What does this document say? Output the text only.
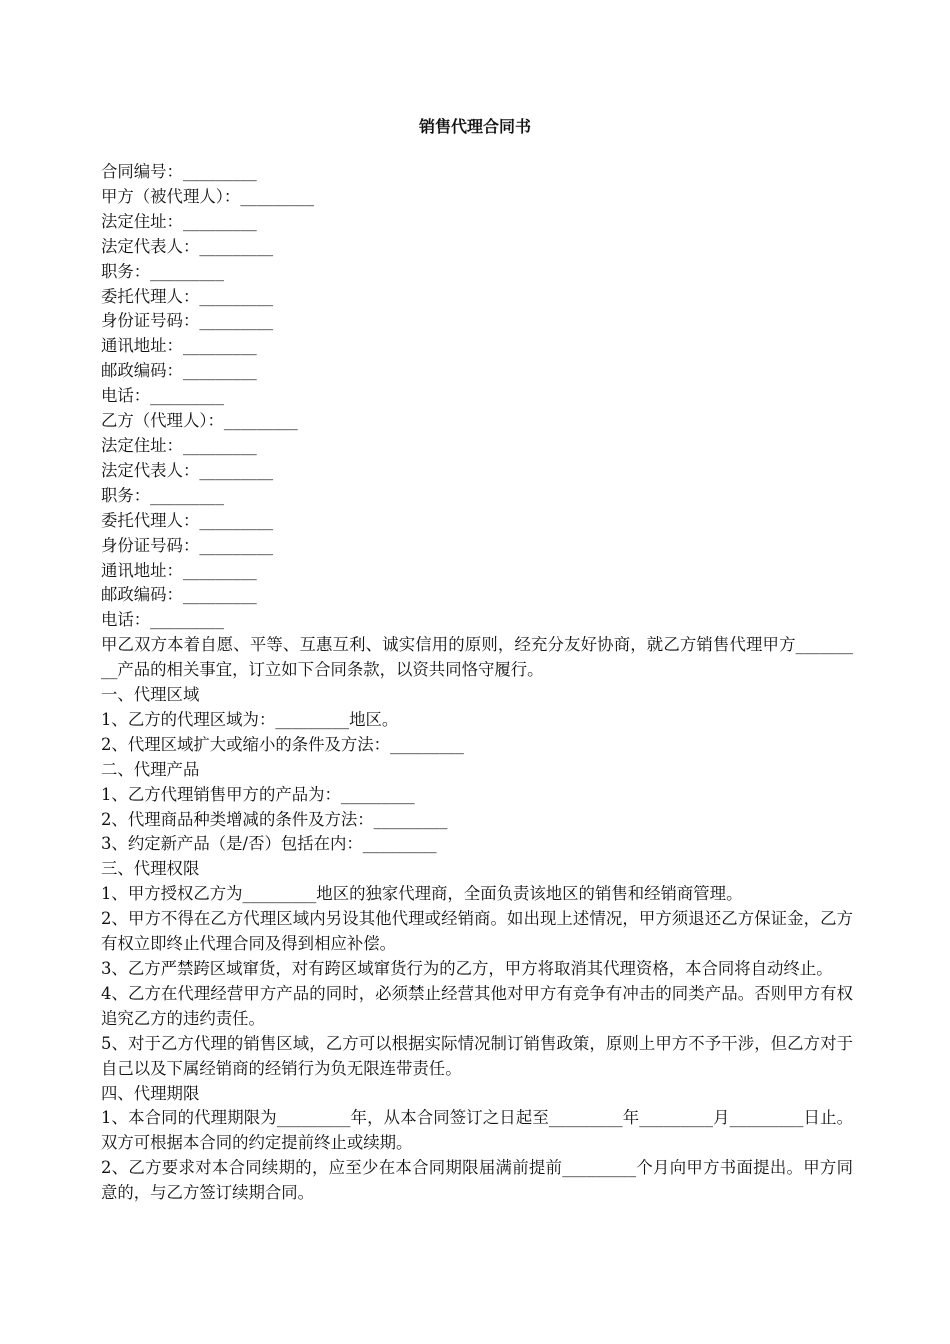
销售代理合同书

合同编号：_________

甲方（被代理人）：_________

法定住址：_________

法定代表人：_________

职务：_________

委托代理人：_________

身份证号码：_________

通讯地址：_________

邮政编码：_________

电话：_________

乙方（代理人）：_________

法定住址：_________

法定代表人：_________

职务：_________

委托代理人：_________

身份证号码：_________

通讯地址：_________

邮政编码：_________

电话：_________

甲乙双方本着自愿、平等、互惠互利、诚实信用的原则，经充分友好协商，就乙方销售代理甲方_________产品的相关事宜，订立如下合同条款，以资共同恪守履行。

一、代理区域

1、乙方的代理区域为：_________地区。

2、代理区域扩大或缩小的条件及方法：_________

二、代理产品

1、乙方代理销售甲方的产品为：_________

2、代理商品种类增减的条件及方法：_________

3、约定新产品（是/否）包括在内：_________

三、代理权限

1、甲方授权乙方为_________地区的独家代理商，全面负责该地区的销售和经销商管理。

2、甲方不得在乙方代理区域内另设其他代理或经销商。如出现上述情况，甲方须退还乙方保证金，乙方有权立即终止代理合同及得到相应补偿。

3、乙方严禁跨区域窜货，对有跨区域窜货行为的乙方，甲方将取消其代理资格，本合同将自动终止。

4、乙方在代理经营甲方产品的同时，必须禁止经营其他对甲方有竞争有冲击的同类产品。否则甲方有权追究乙方的违约责任。

5、对于乙方代理的销售区域，乙方可以根据实际情况制订销售政策，原则上甲方不予干涉，但乙方对于自己以及下属经销商的经销行为负无限连带责任。

四、代理期限

1、本合同的代理期限为_________年，从本合同签订之日起至_________年_________月_________日止。双方可根据本合同的约定提前终止或续期。

2、乙方要求对本合同续期的，应至少在本合同期限届满前提前_________个月向甲方书面提出。甲方同意的，与乙方签订续期合同。
